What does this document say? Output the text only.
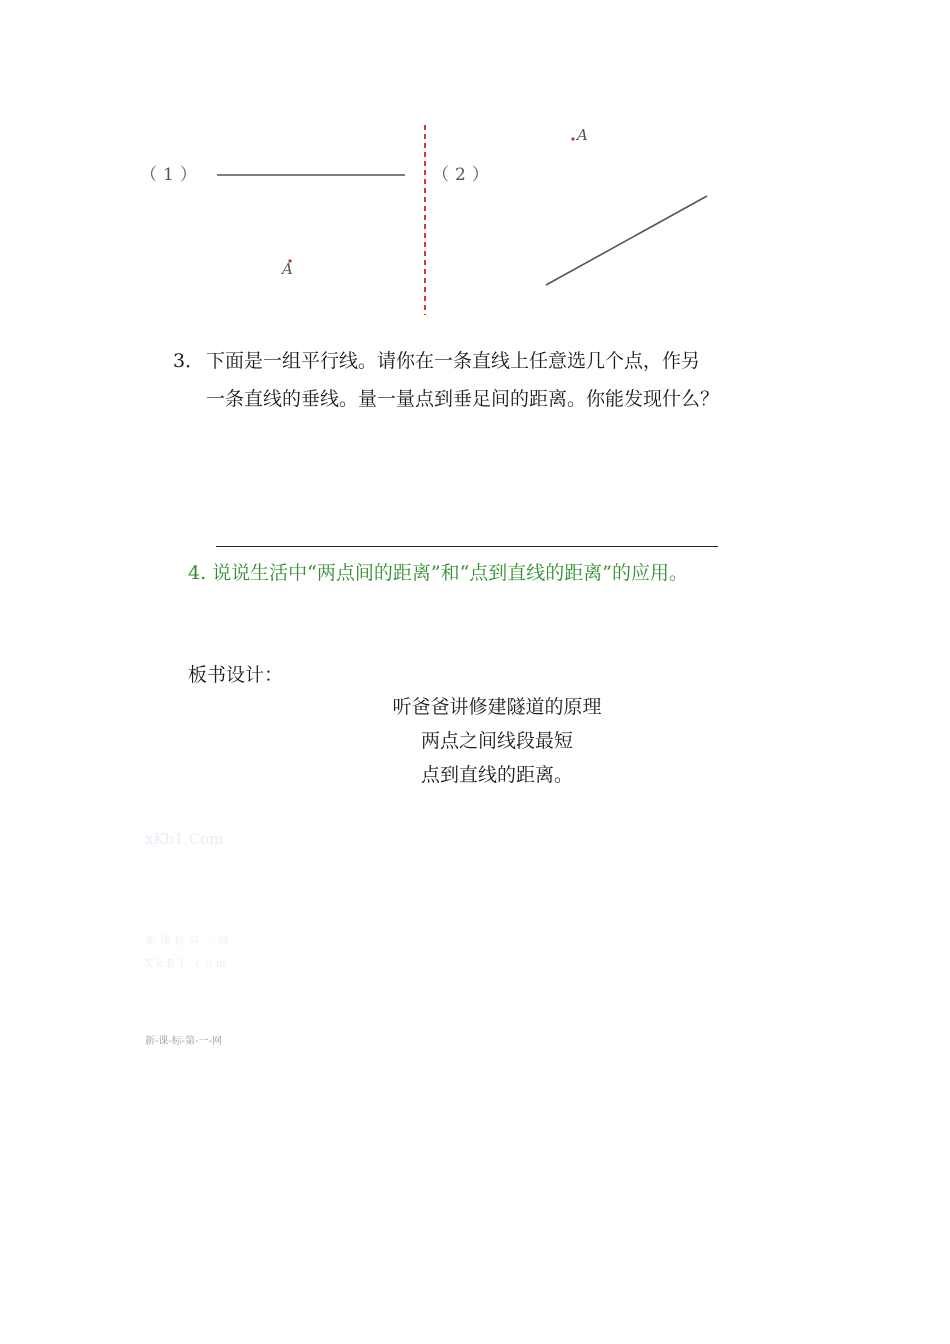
（1）	（2）
A
A
3． 下面是一组平行线。请你在一条直线上任意选几个点，作另
一条直线的垂线。量一量点到垂足间的距离。你能发现什么？
4. 说说生活中“两点间的距离”和“点到直线的距离”的应用。
板书设计：
听爸爸讲修建隧道的原理
两点之间线段最短
点到直线的距离。
xKb1.Com
新 课 标 第 一 网
X k B 1 . c o m
新-课-标-第-一-网
